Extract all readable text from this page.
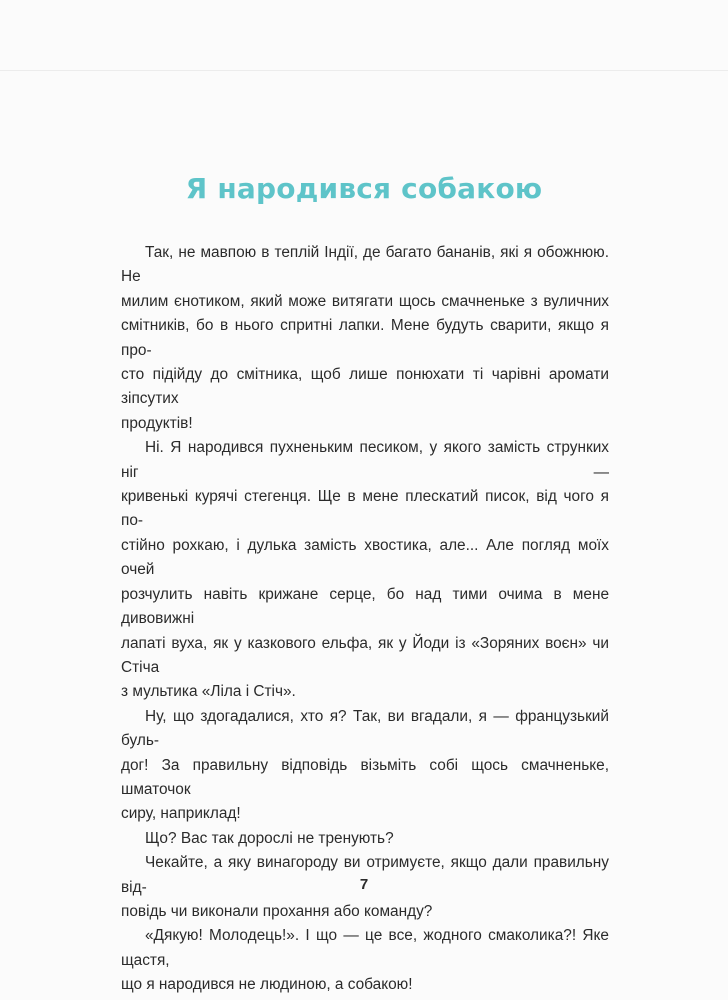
Я народився собакою

Так, не мавпою в теплій Індії, де багато бананів, які я обожнюю. Не
милим єнотиком, який може витягати щось смачненьке з вуличних
смітників, бо в нього спритні лапки. Мене будуть сварити, якщо я про-
сто підійду до смітника, щоб лише понюхати ті чарівні аромати зіпсутих
продуктів!

Ні. Я народився пухненьким песиком, у якого замість струнких ніг —
кривенькі курячі стегенця. Ще в мене плескатий писок, від чого я по-
стійно рохкаю, і дулька замість хвостика, але... Але погляд моїх очей
розчулить навіть крижане серце, бо над тими очима в мене дивовижні
лапаті вуха, як у казкового ельфа, як у Йоди із «Зоряних воєн» чи Стіча
з мультика «Ліла і Стіч».

Ну, що здогадалися, хто я? Так, ви вгадали, я — французький буль-
дог! За правильну відповідь візьміть собі щось смачненьке, шматочок
сиру, наприклад!

Що? Вас так дорослі не тренують?

Чекайте, а яку винагороду ви отримуєте, якщо дали правильну від-
повідь чи виконали прохання або команду?

«Дякую! Молодець!». І що — це все, жодного смаколика?! Яке щастя,
що я народився не людиною, а собакою!

7
